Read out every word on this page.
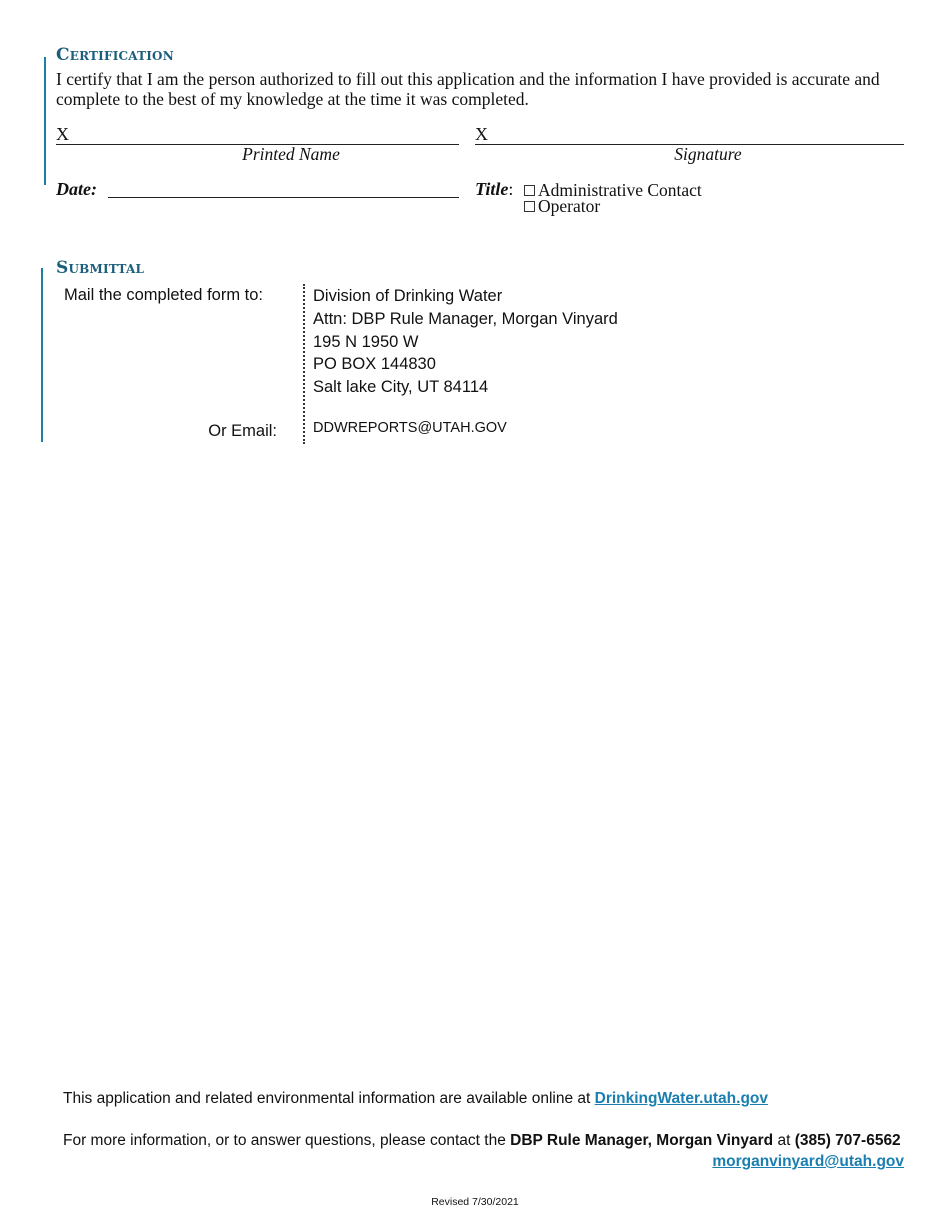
Certification

I certify that I am the person authorized to fill out this application and the information I have provided is accurate and complete to the best of my knowledge at the time it was completed.

X
Printed Name
X
Signature
Date:	Title:	Administrative Contact
Operator
Submittal
Mail the completed form to:	Division of Drinking Water
Attn: DBP Rule Manager, Morgan Vinyard
195 N 1950 W
PO BOX 144830
Salt lake City, UT 84114
Or Email: DDWREPORTS@UTAH.GOV
This application and related environmental information are available online at DrinkingWater.utah.gov
For more information, or to answer questions, please contact the DBP Rule Manager, Morgan Vinyard at (385) 707-6562
morganvinyard@utah.gov
Revised 7/30/2021
